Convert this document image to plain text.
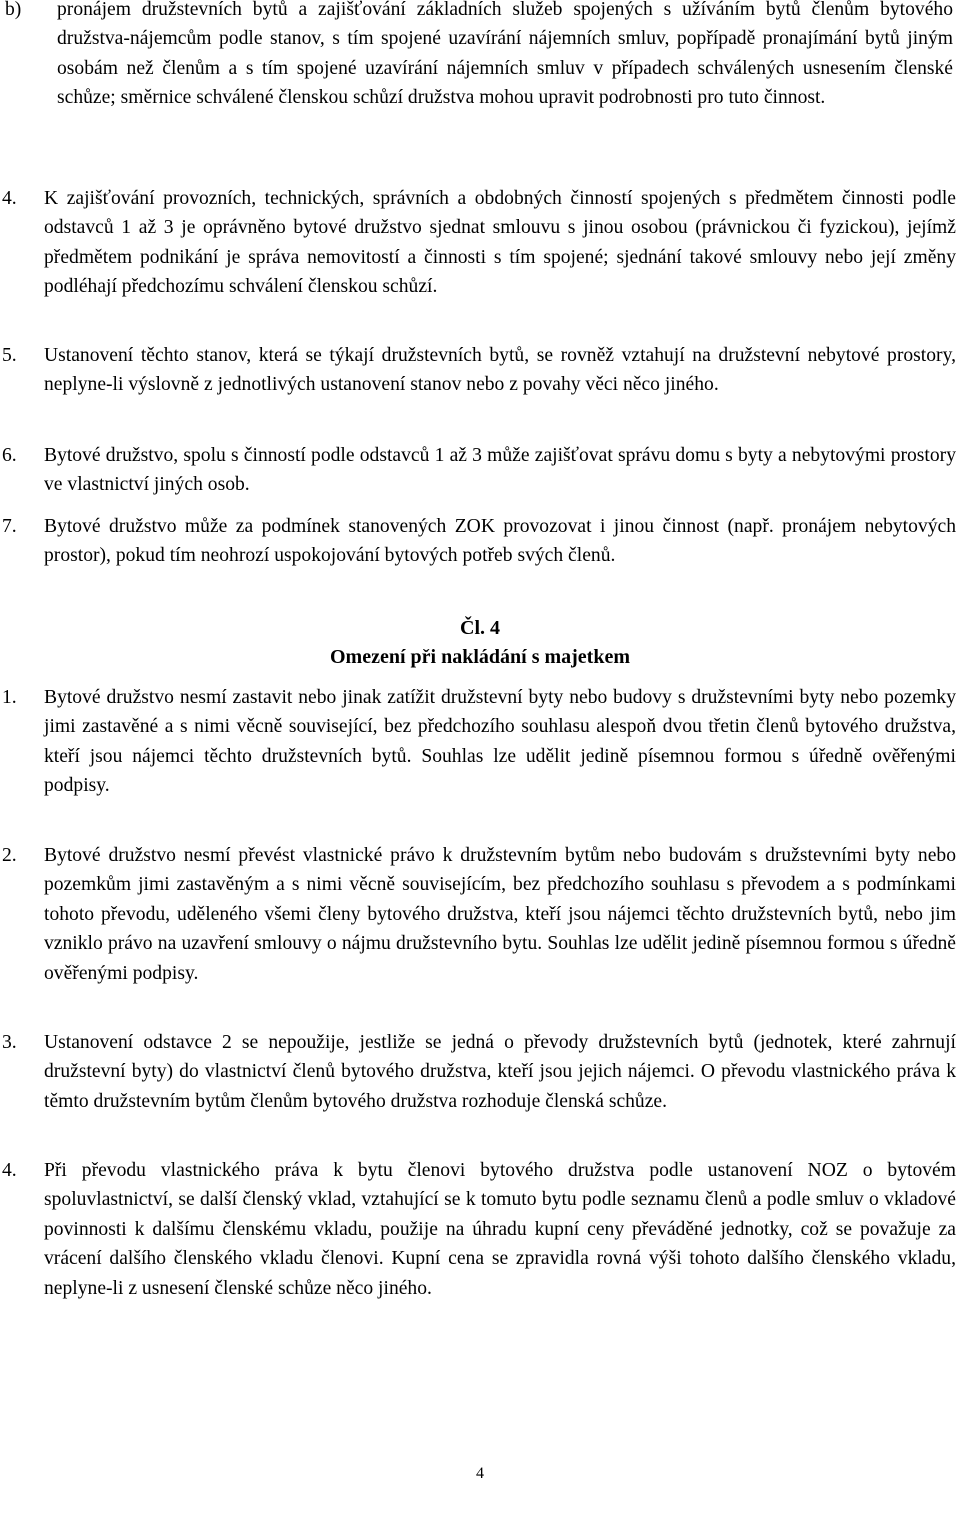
b)	pronájem družstevních bytů a zajišťování základních služeb spojených s užíváním bytů členům bytového družstva-nájemcům podle stanov, s tím spojené uzavírání nájemních smluv, popřípadě pronajímání bytů jiným osobám než členům a s tím spojené uzavírání nájemních smluv v případech schválených usnesením členské schůze; směrnice schválené členskou schůzí družstva mohou upravit podrobnosti pro tuto činnost.
4.	K zajišťování provozních, technických, správních a obdobných činností spojených s předmětem činnosti podle odstavců 1 až 3 je oprávněno bytové družstvo sjednat smlouvu s jinou osobou (právnickou či fyzickou), jejímž předmětem podnikání je správa nemovitostí a činnosti s tím spojené; sjednání takové smlouvy nebo její změny podléhají předchozímu schválení členskou schůzí.
5.	Ustanovení těchto stanov, která se týkají družstevních bytů, se rovněž vztahují na družstevní nebytové prostory, neplyne-li výslovně z jednotlivých ustanovení stanov nebo z povahy věci něco jiného.
6.	Bytové družstvo, spolu s činností podle odstavců 1 až 3 může zajišťovat správu domu s byty a nebytovými prostory ve vlastnictví jiných osob.
7.	Bytové družstvo může za podmínek stanovených ZOK provozovat i jinou činnost (např. pronájem nebytových prostor), pokud tím neohrozí uspokojování bytových potřeb svých členů.
Čl. 4
Omezení při nakládání s majetkem
1.	Bytové družstvo nesmí zastavit nebo jinak zatížit družstevní byty nebo budovy s družstevními byty nebo pozemky jimi zastavěné a s nimi věcně související, bez předchozího souhlasu alespoň dvou třetin členů bytového družstva, kteří jsou nájemci těchto družstevních bytů. Souhlas lze udělit jedině písemnou formou s úředně ověřenými podpisy.
2.	Bytové družstvo nesmí převést vlastnické právo k družstevním bytům nebo budovám s družstevními byty nebo pozemkům jimi zastavěným a s nimi věcně souvisejícím, bez předchozího souhlasu s převodem a s podmínkami tohoto převodu, uděleného všemi členy bytového družstva, kteří jsou nájemci těchto družstevních bytů, nebo jim vzniklo právo na uzavření smlouvy o nájmu družstevního bytu. Souhlas lze udělit jedině písemnou formou s úředně ověřenými podpisy.
3.	Ustanovení odstavce 2 se nepoužije, jestliže se jedná o převody družstevních bytů (jednotek, které zahrnují družstevní byty) do vlastnictví členů bytového družstva, kteří jsou jejich nájemci. O převodu vlastnického práva k těmto družstevním bytům členům bytového družstva rozhoduje členská schůze.
4.	Při převodu vlastnického práva k bytu členovi bytového družstva podle ustanovení NOZ o bytovém spoluvlastnictví, se další členský vklad, vztahující se k tomuto bytu podle seznamu členů a podle smluv o vkladové povinnosti k dalšímu členskému vkladu, použije na úhradu kupní ceny převáděné jednotky, což se považuje za vrácení dalšího členského vkladu členovi. Kupní cena se zpravidla rovná výši tohoto dalšího členského vkladu, neplyne-li z usnesení členské schůze něco jiného.
4
